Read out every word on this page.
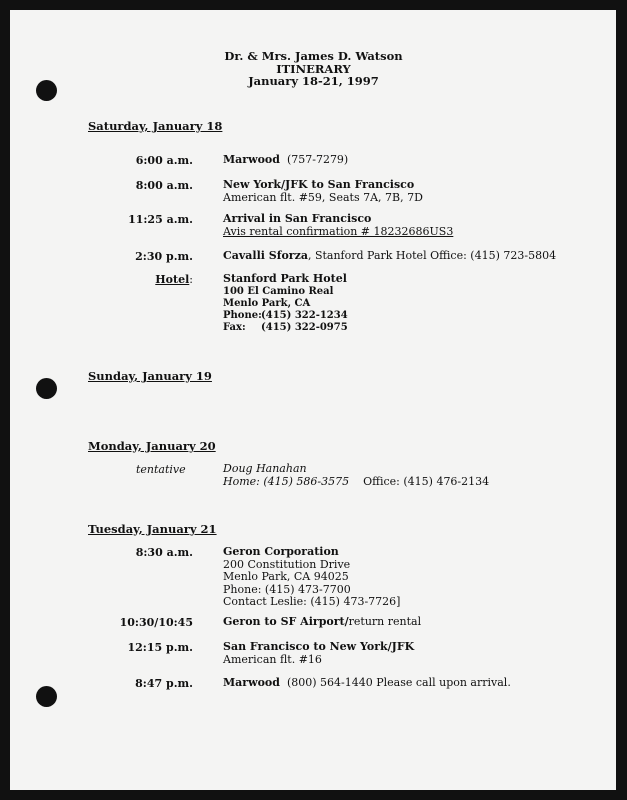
Dr. & Mrs. James D. Watson
ITINERARY
January 18-21, 1997
Saturday, January 18
6:00 a.m.	Marwood (757-7279)
8:00 a.m.	New York/JFK to San Francisco
American flt. #59, Seats 7A, 7B, 7D
11:25 a.m.	Arrival in San Francisco
Avis rental confirmation # 18232686US3
2:30 p.m.	Cavalli Sforza, Stanford Park Hotel Office: (415) 723-5804
Hotel:	Stanford Park Hotel
100 El Camino Real
Menlo Park, CA
Phone:(415) 322-1234
Fax: (415) 322-0975
Sunday, January 19
Monday, January 20
tentative	Doug Hanahan
Home: (415) 586-3575 Office: (415) 476-2134
Tuesday, January 21
8:30 a.m.	Geron Corporation
200 Constitution Drive
Menlo Park, CA 94025
Phone: (415) 473-7700
Contact Leslie: (415) 473-7726]
10:30/10:45	Geron to SF Airport/return rental
12:15 p.m.	San Francisco to New York/JFK
American flt. #16
8:47 p.m.	Marwood (800) 564-1440 Please call upon arrival.
